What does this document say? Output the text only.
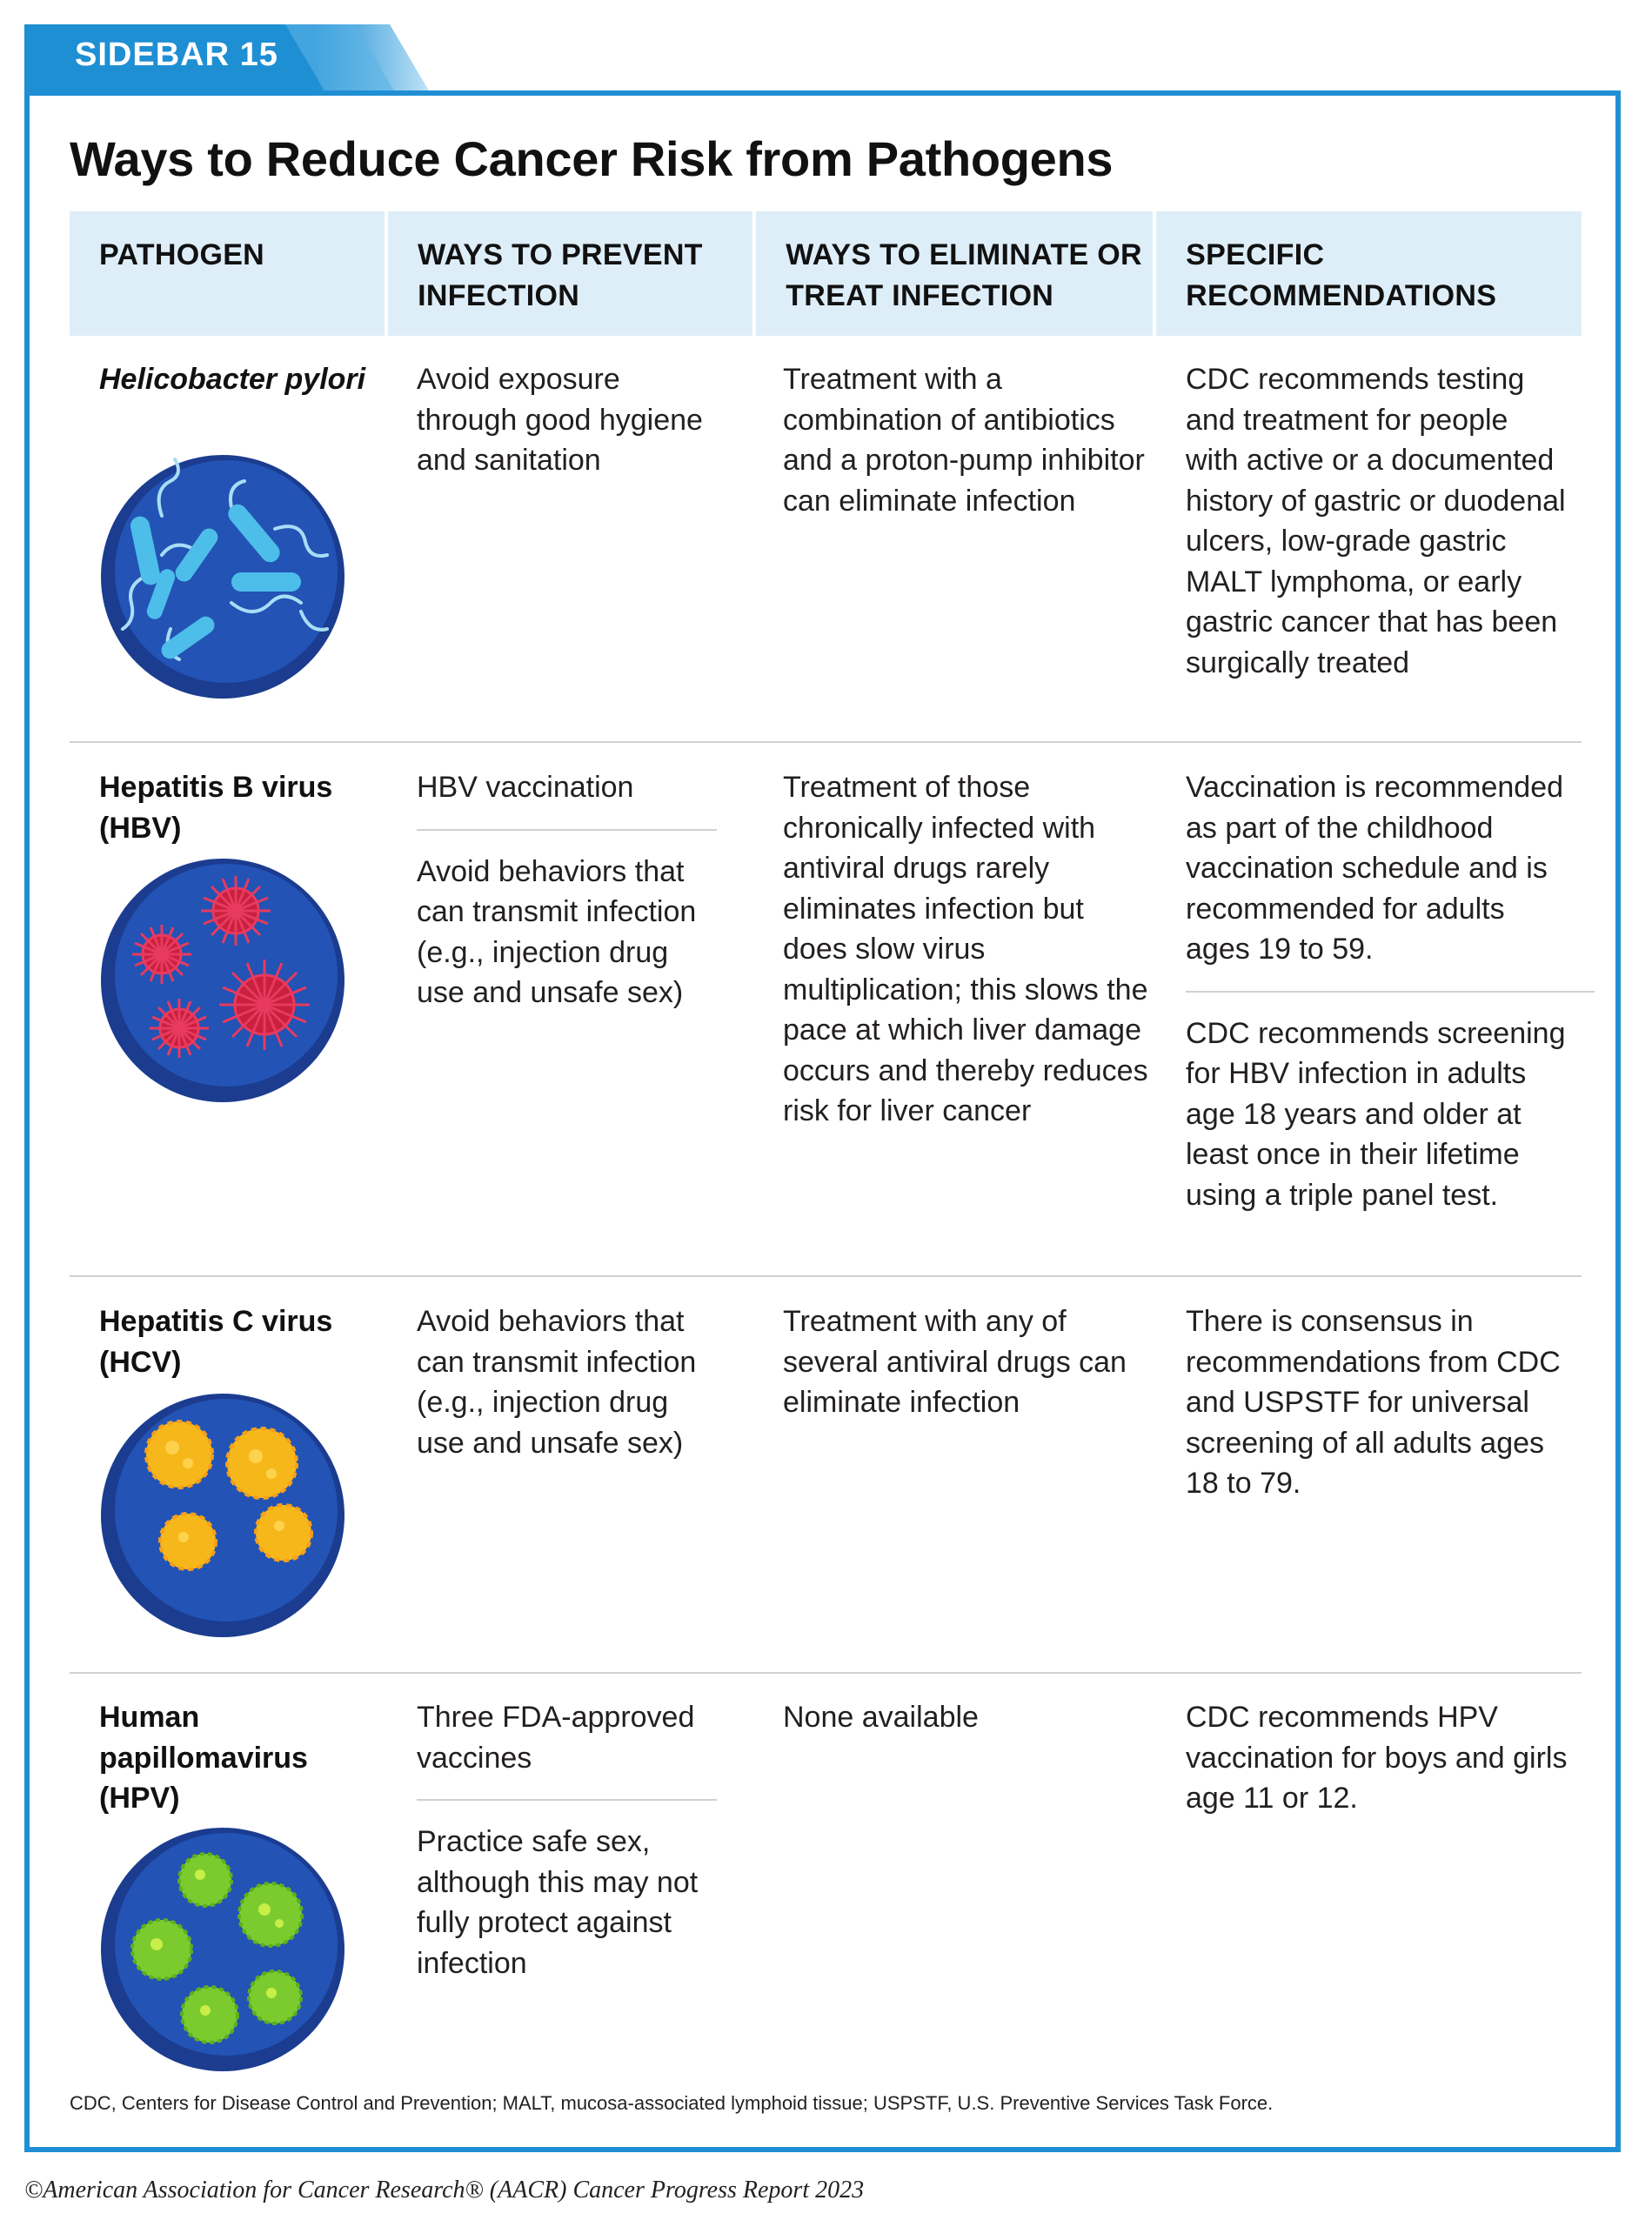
SIDEBAR 15
Ways to Reduce Cancer Risk from Pathogens
PATHOGEN	WAYS TO PREVENT INFECTION
WAYS TO ELIMINATE OR TREAT INFECTION
SPECIFIC RECOMMENDATIONS
Helicobacter pylori Avoid exposure through good hygiene and sanitation
Treatment with a combination of antibiotics and a proton-pump inhibitor can eliminate infection
CDC recommends testing and treatment for people with active or a documented history of gastric or duodenal ulcers, low-grade gastric MALT lymphoma, or early gastric cancer that has been surgically treated
Hepatitis B virus (HBV)
HBV vaccination
Avoid behaviors that can transmit infection (e.g., injection drug use and unsafe sex)
Treatment of those chronically infected with antiviral drugs rarely eliminates infection but does slow virus multiplication; this slows the pace at which liver damage occurs and thereby reduces risk for liver cancer
Vaccination is recommended as part of the childhood vaccination schedule and is recommended for adults ages 19 to 59.
CDC recommends screening for HBV infection in adults age 18 years and older at least once in their lifetime using a triple panel test.
Hepatitis C virus (HCV)
Avoid behaviors that can transmit infection (e.g., injection drug use and unsafe sex)
Treatment with any of several antiviral drugs can eliminate infection
There is consensus in recommendations from CDC and USPSTF for universal screening of all adults ages 18 to 79.
Human papillomavirus (HPV)
Three FDA-approved vaccines
Practice safe sex, although this may not fully protect against infection
None available	CDC recommends HPV vaccination for boys and girls age 11 or 12.
CDC, Centers for Disease Control and Prevention; MALT, mucosa-associated lymphoid tissue; USPSTF, U.S. Preventive Services Task Force.
©American Association for Cancer Research® (AACR) Cancer Progress Report 2023
